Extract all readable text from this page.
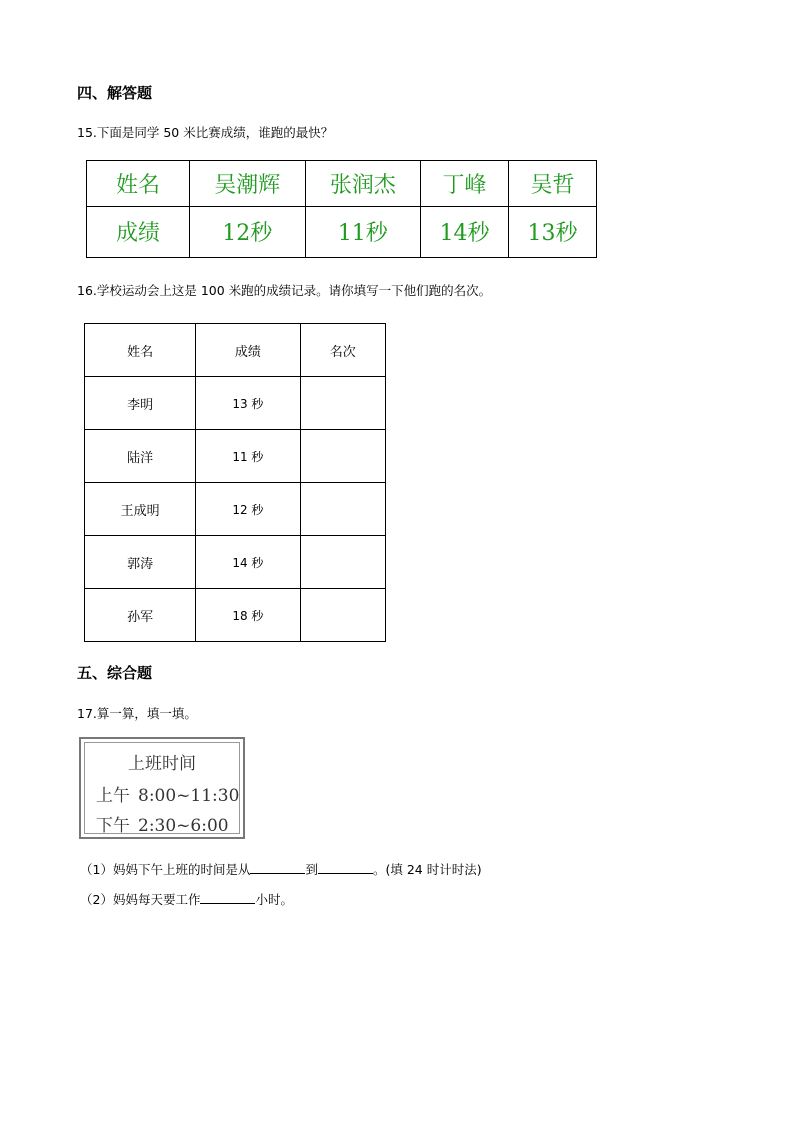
四、解答题
15.下面是同学 50 米比赛成绩，谁跑的最快？
姓名	吴潮辉	张润杰	丁峰	吴哲
成绩	12秒	11秒	14秒	13秒
16.学校运动会上这是 100 米跑的成绩记录。请你填写一下他们跑的名次。
姓名	成绩	名次
李明	13 秒	
陆洋	11 秒	
王成明	12 秒	
郭涛	14 秒	
孙军	18 秒	
五、综合题
17.算一算，填一填。
上班时间
上午 8:00~11:30
下午 2:30~6:00
（1）妈妈下午上班的时间是从	到	。(填 24 时计时法)
（2）妈妈每天要工作	小时。
